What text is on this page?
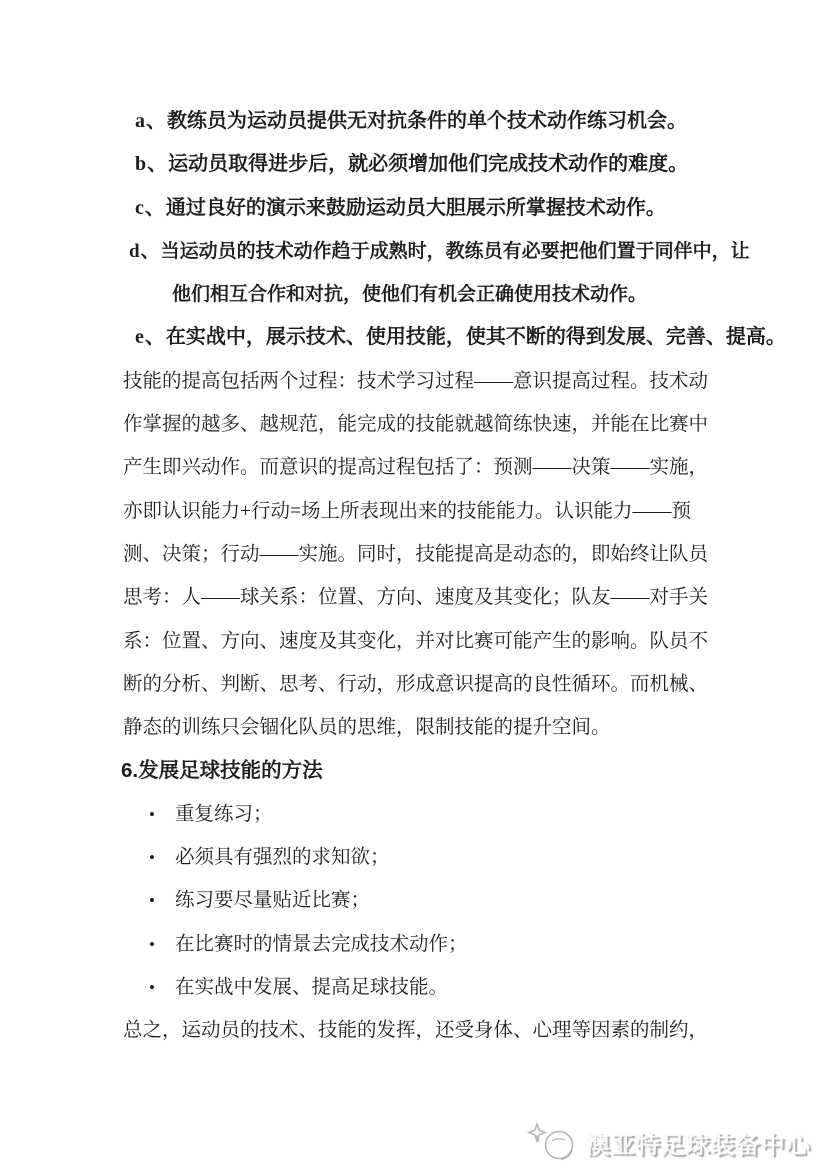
a、教练员为运动员提供无对抗条件的单个技术动作练习机会。
b、运动员取得进步后，就必须增加他们完成技术动作的难度。
c、通过良好的演示来鼓励运动员大胆展示所掌握技术动作。
d、当运动员的技术动作趋于成熟时，教练员有必要把他们置于同伴中，让
他们相互合作和对抗，使他们有机会正确使用技术动作。
e、在实战中，展示技术、使用技能，使其不断的得到发展、完善、提高。
技能的提高包括两个过程：技术学习过程——意识提高过程。技术动
作掌握的越多、越规范，能完成的技能就越简练快速，并能在比赛中
产生即兴动作。而意识的提高过程包括了：预测——决策——实施，
亦即认识能力+行动=场上所表现出来的技能能力。认识能力——预
测、决策；行动——实施。同时，技能提高是动态的，即始终让队员
思考：人——球关系：位置、方向、速度及其变化；队友——对手关
系：位置、方向、速度及其变化，并对比赛可能产生的影响。队员不
断的分析、判断、思考、行动，形成意识提高的良性循环。而机械、
静态的训练只会锢化队员的思维，限制技能的提升空间。
6.发展足球技能的方法
• 重复练习；
• 必须具有强烈的求知欲；
• 练习要尽量贴近比赛；
• 在比赛时的情景去完成技术动作；
• 在实战中发展、提高足球技能。
总之，运动员的技术、技能的发挥，还受身体、心理等因素的制约，
澳亚特足球装备中心
